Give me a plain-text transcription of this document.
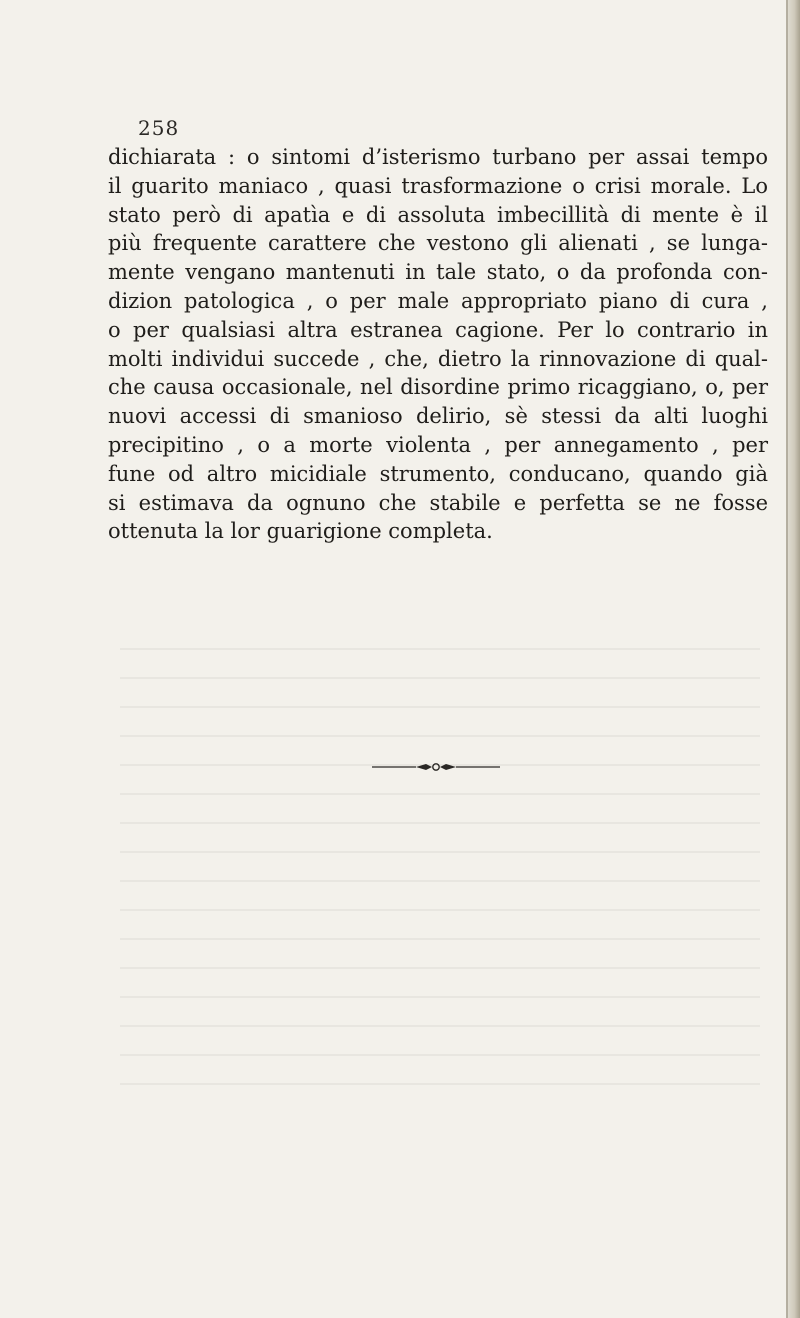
258
dichiarata : o sintomi d’isterismo turbano per assai tempo
il guarito maniaco , quasi trasformazione o crisi morale. Lo
stato però di apatìa e di assoluta imbecillità di mente è il
più frequente carattere che vestono gli alienati , se lunga-
mente vengano mantenuti in tale stato, o da profonda con-
dizion patologica , o per male appropriato piano di cura ,
o per qualsiasi altra estranea cagione. Per lo contrario in
molti individui succede , che, dietro la rinnovazione di qual-
che causa occasionale, nel disordine primo ricaggiano, o, per
nuovi accessi di smanioso delirio, sè stessi da alti luoghi
precipitino , o a morte violenta , per annegamento , per
fune od altro micidiale strumento, conducano, quando già
si estimava da ognuno che stabile e perfetta se ne fosse
ottenuta la lor guarigione completa.
